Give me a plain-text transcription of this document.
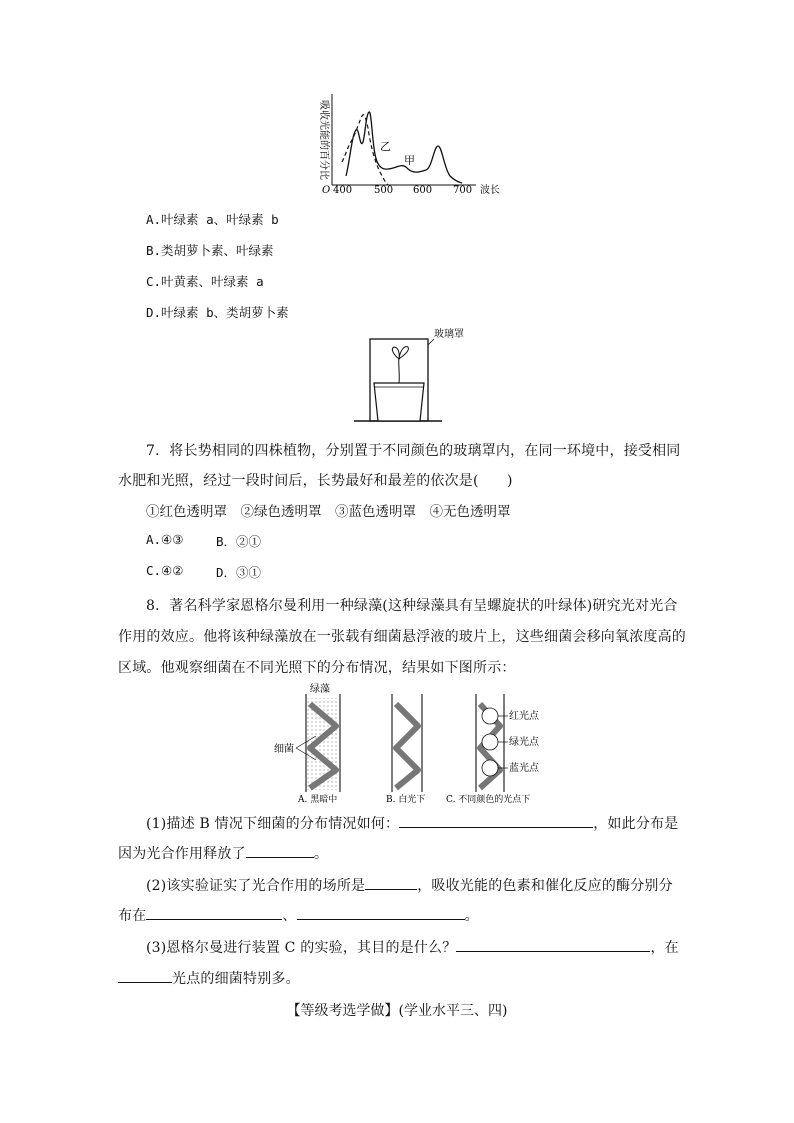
吸收光能的百分比
O 400 500 600 700 波长
乙
甲
A.叶绿素 a、叶绿素 b
B.类胡萝卜素、叶绿素
C.叶黄素、叶绿素 a
D.叶绿素 b、类胡萝卜素
玻璃罩
7．将长势相同的四株植物，分别置于不同颜色的玻璃罩内，在同一环境中，接受相同
水肥和光照，经过一段时间后，长势最好和最差的依次是(　　)
①红色透明罩　②绿色透明罩　③蓝色透明罩　④无色透明罩
A.④③	B．②①
C.④②	D．③①
8．著名科学家恩格尔曼利用一种绿藻(这种绿藻具有呈螺旋状的叶绿体)研究光对光合
作用的效应。他将该种绿藻放在一张载有细菌悬浮液的玻片上，这些细菌会移向氧浓度高的
区域。他观察细菌在不同光照下的分布情况，结果如下图所示：
绿藻
细菌
A. 黑暗中	B. 白光下
红光点
绿光点
蓝光点
C. 不同颜色的光点下
(1)描述 B 情况下细菌的分布情况如何：	，如此分布是
因为光合作用释放了	。
(2)该实验证实了光合作用的场所是	，吸收光能的色素和催化反应的酶分别分
布在	、	。
(3)恩格尔曼进行装置 C 的实验，其目的是什么？	，在
光点的细菌特别多。
【等级考选学做】(学业水平三、四)
